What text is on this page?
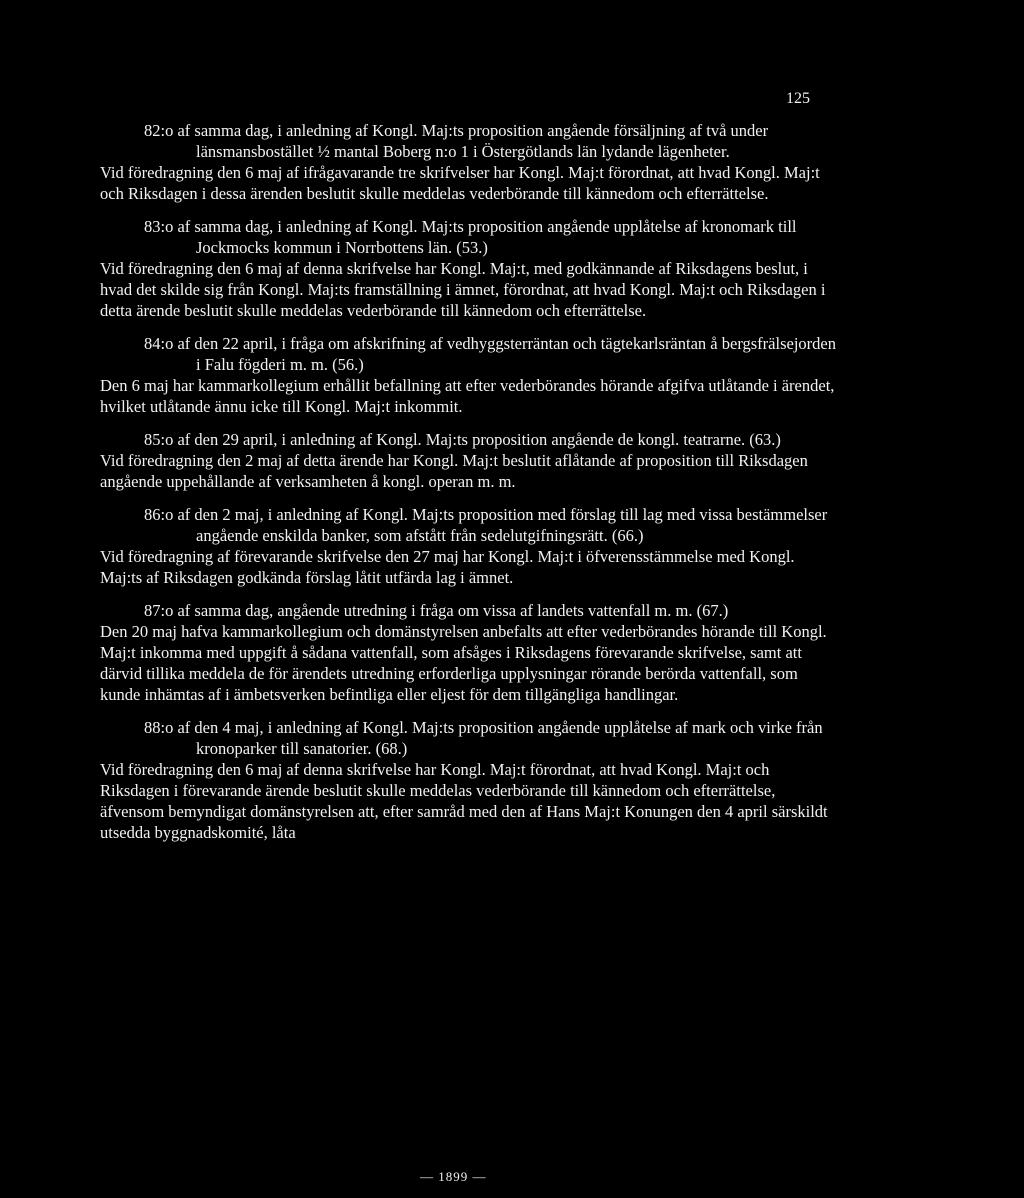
125

82:o af samma dag, i anledning af Kongl. Maj:ts proposition angående försäljning af två under länsmansbostället ½ mantal Boberg n:o 1 i Östergötlands län lydande lägenheter.

Vid föredragning den 6 maj af ifrågavarande tre skrifvelser har Kongl. Maj:t förordnat, att hvad Kongl. Maj:t och Riksdagen i dessa ärenden beslutit skulle meddelas vederbörande till kännedom och efterrättelse.

83:o af samma dag, i anledning af Kongl. Maj:ts proposition angående upplåtelse af kronomark till Jockmocks kommun i Norrbottens län. (53.)

Vid föredragning den 6 maj af denna skrifvelse har Kongl. Maj:t, med godkännande af Riksdagens beslut, i hvad det skilde sig från Kongl. Maj:ts framställning i ämnet, förordnat, att hvad Kongl. Maj:t och Riksdagen i detta ärende beslutit skulle meddelas vederbörande till kännedom och efterrättelse.

84:o af den 22 april, i fråga om afskrifning af vedhyggsterräntan och tägtekarlsräntan å bergsfrälsejorden i Falu fögderi m. m. (56.)

Den 6 maj har kammarkollegium erhållit befallning att efter vederbörandes hörande afgifva utlåtande i ärendet, hvilket utlåtande ännu icke till Kongl. Maj:t inkommit.

85:o af den 29 april, i anledning af Kongl. Maj:ts proposition angående de kongl. teatrarne. (63.)

Vid föredragning den 2 maj af detta ärende har Kongl. Maj:t beslutit aflåtande af proposition till Riksdagen angående uppehållande af verksamheten å kongl. operan m. m.

86:o af den 2 maj, i anledning af Kongl. Maj:ts proposition med förslag till lag med vissa bestämmelser angående enskilda banker, som afstått från sedelutgifningsrätt. (66.)

Vid föredragning af förevarande skrifvelse den 27 maj har Kongl. Maj:t i öfverensstämmelse med Kongl. Maj:ts af Riksdagen godkända förslag låtit utfärda lag i ämnet.

87:o af samma dag, angående utredning i fråga om vissa af landets vattenfall m. m. (67.)

Den 20 maj hafva kammarkollegium och domänstyrelsen anbefalts att efter vederbörandes hörande till Kongl. Maj:t inkomma med uppgift å sådana vattenfall, som afsåges i Riksdagens förevarande skrifvelse, samt att därvid tillika meddela de för ärendets utredning erforderliga upplysningar rörande berörda vattenfall, som kunde inhämtas af i ämbetsverken befintliga eller eljest för dem tillgängliga handlingar.

88:o af den 4 maj, i anledning af Kongl. Maj:ts proposition angående upplåtelse af mark och virke från kronoparker till sanatorier. (68.)

Vid föredragning den 6 maj af denna skrifvelse har Kongl. Maj:t förordnat, att hvad Kongl. Maj:t och Riksdagen i förevarande ärende beslutit skulle meddelas vederbörande till kännedom och efterrättelse, äfvensom bemyndigat domänstyrelsen att, efter samråd med den af Hans Maj:t Konungen den 4 april särskildt utsedda byggnadskomité, låta

— 1899 —
